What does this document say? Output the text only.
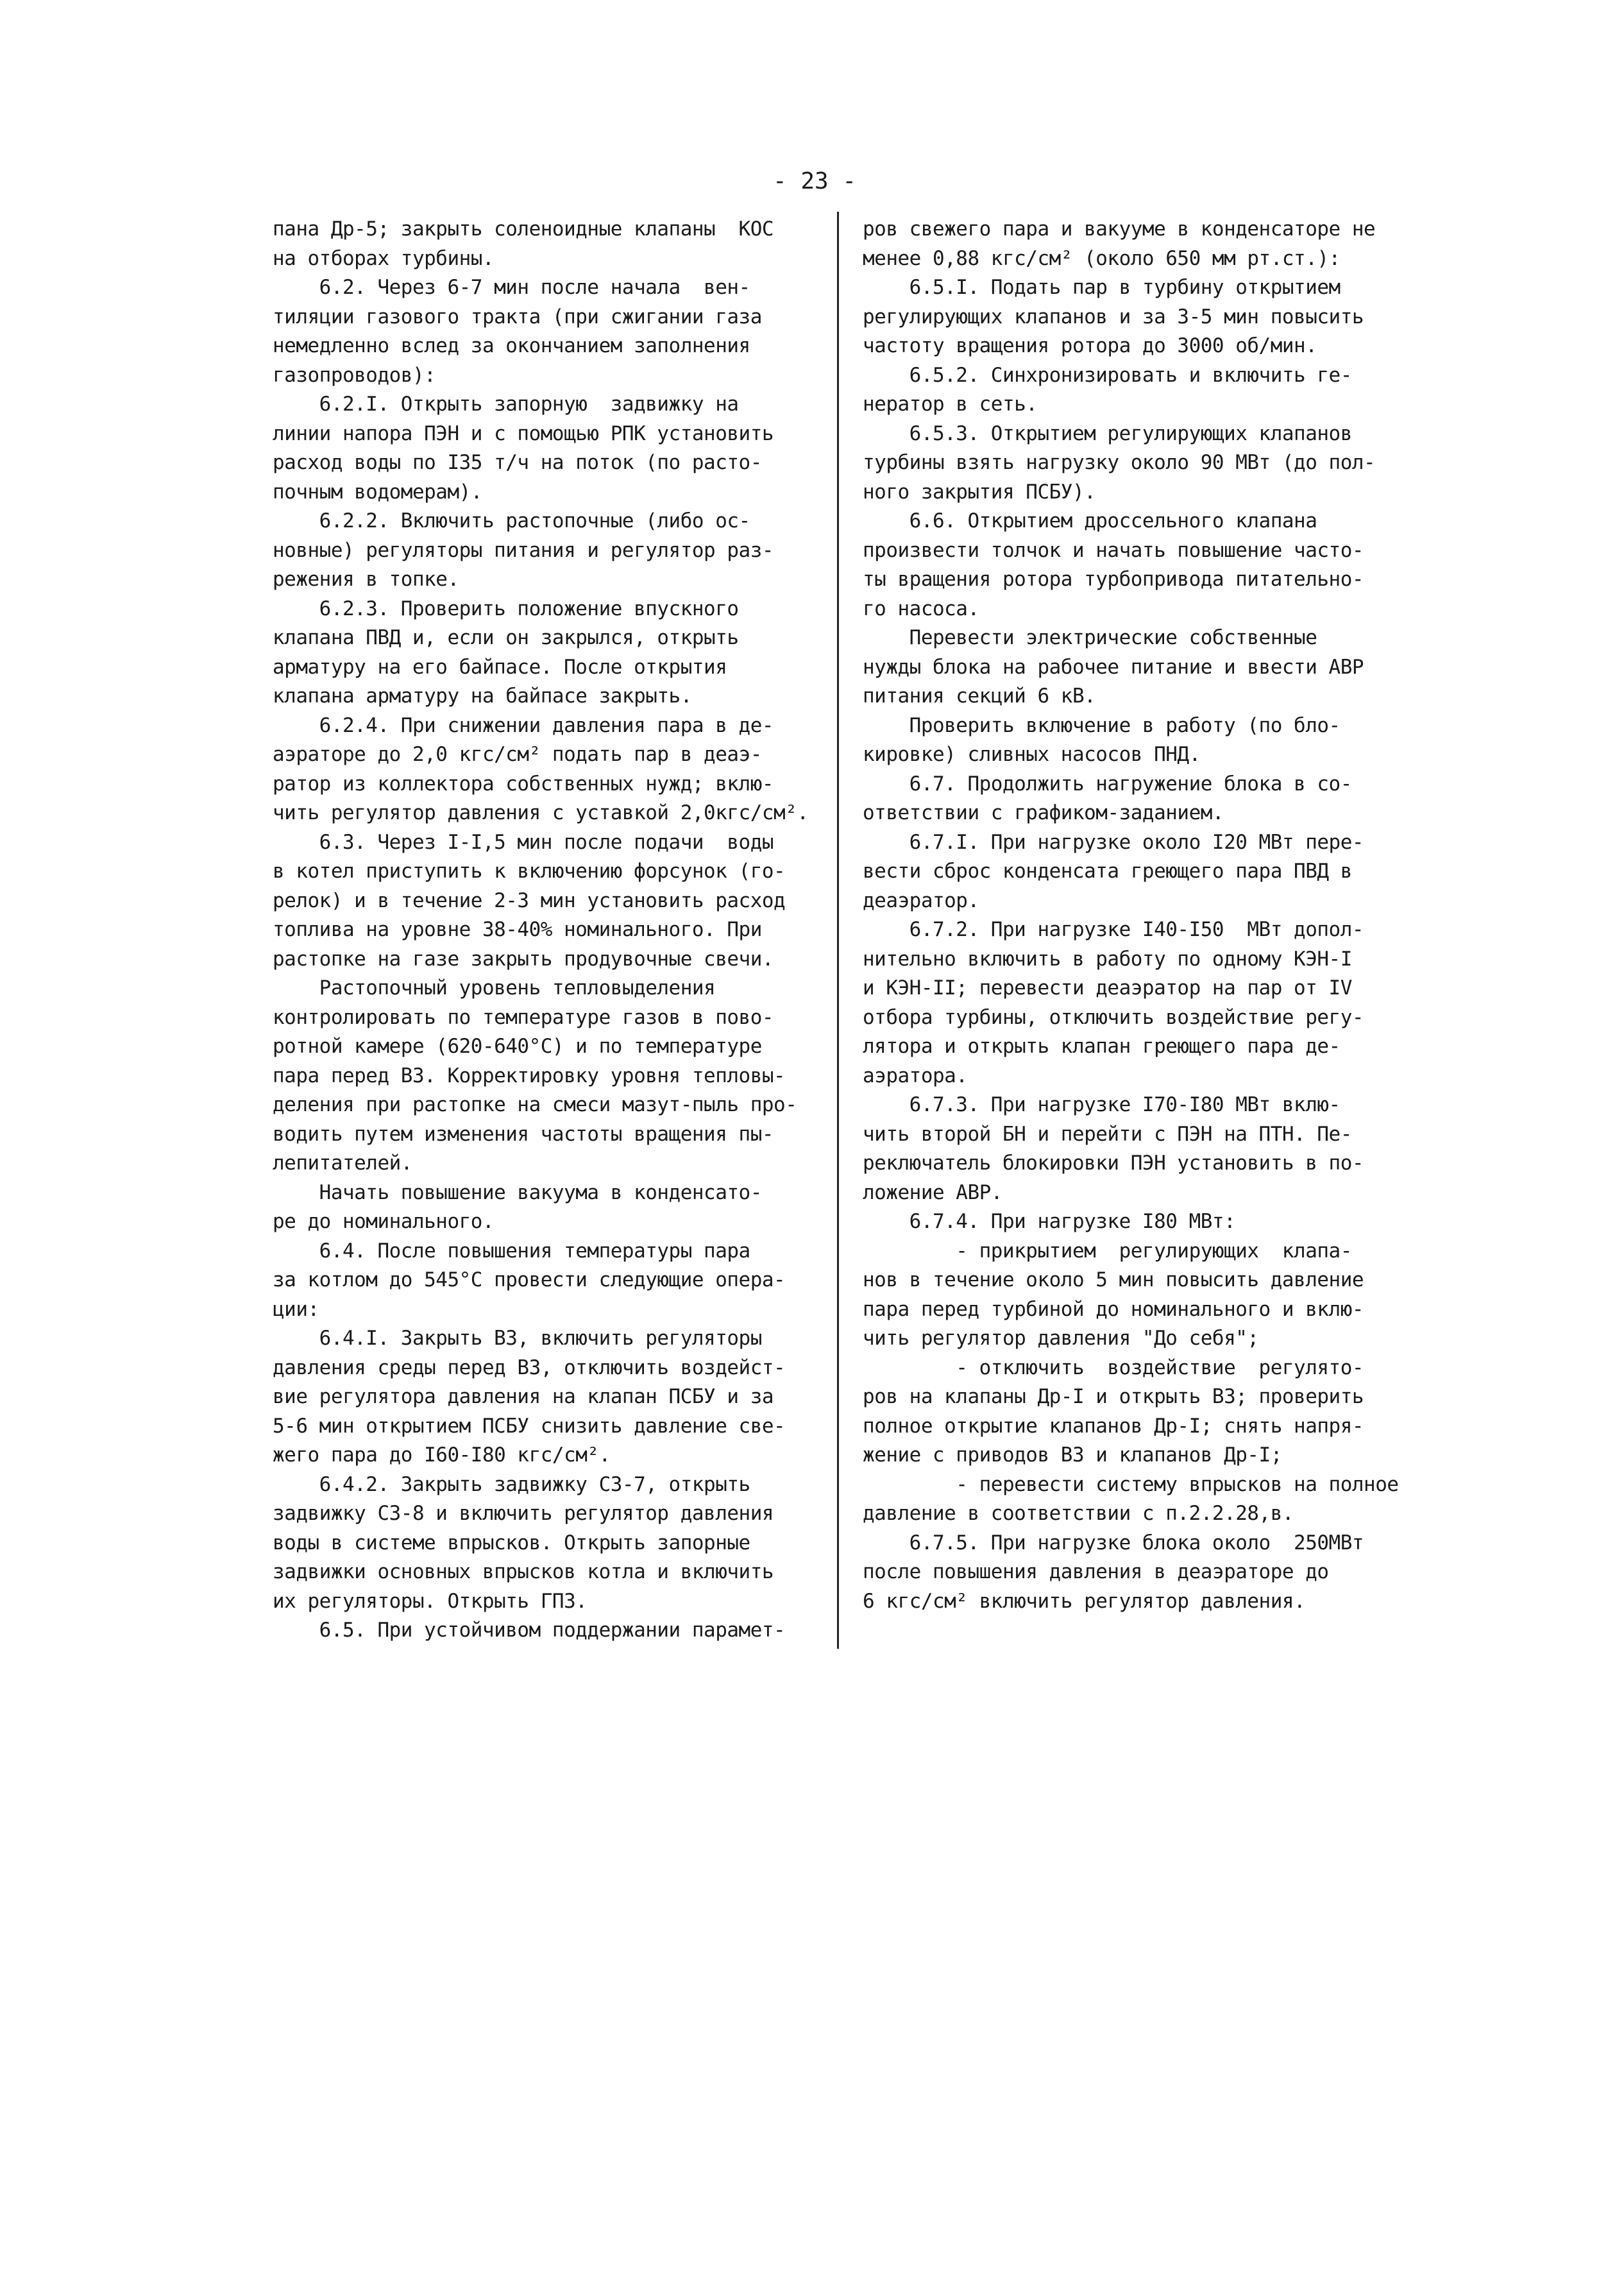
- 23 -
пана Др-5; закрыть соленоидные клапаны  КОС
на отборах турбины.
6.2. Через 6-7 мин после начала  вен-
тиляции газового тракта (при сжигании газа
немедленно вслед за окончанием заполнения
газопроводов):
6.2.I. Открыть запорную  задвижку на
линии напора ПЭН и с помощью РПК установить
расход воды по I35 т/ч на поток (по расто-
почным водомерам).
6.2.2. Включить растопочные (либо ос-
новные) регуляторы питания и регулятор раз-
режения в топке.
6.2.3. Проверить положение впускного
клапана ПВД и, если он закрылся, открыть
арматуру на его байпасе. После открытия
клапана арматуру на байпасе закрыть.
6.2.4. При снижении давления пара в де-
аэраторе до 2,0 кгс/см² подать пар в деаэ-
ратор из коллектора собственных нужд; вклю-
чить регулятор давления с уставкой 2,0кгс/см².
6.3. Через I-I,5 мин после подачи  воды
в котел приступить к включению форсунок (го-
релок) и в течение 2-3 мин установить расход
топлива на уровне 38-40% номинального. При
растопке на газе закрыть продувочные свечи.
Растопочный уровень тепловыделения
контролировать по температуре газов в пово-
ротной камере (620-640°С) и по температуре
пара перед ВЗ. Корректировку уровня тепловы-
деления при растопке на смеси мазут-пыль про-
водить путем изменения частоты вращения пы-
лепитателей.
Начать повышение вакуума в конденсато-
ре до номинального.
6.4. После повышения температуры пара
за котлом до 545°С провести следующие опера-
ции:
6.4.I. Закрыть ВЗ, включить регуляторы
давления среды перед ВЗ, отключить воздейст-
вие регулятора давления на клапан ПСБУ и за
5-6 мин открытием ПСБУ снизить давление све-
жего пара до I60-I80 кгс/см².
6.4.2. Закрыть задвижку СЗ-7, открыть
задвижку СЗ-8 и включить регулятор давления
воды в системе впрысков. Открыть запорные
задвижки основных впрысков котла и включить
их регуляторы. Открыть ГПЗ.
6.5. При устойчивом поддержании парамет-
ров свежего пара и вакууме в конденсаторе не
менее 0,88 кгс/см² (около 650 мм рт.ст.):
6.5.I. Подать пар в турбину открытием
регулирующих клапанов и за 3-5 мин повысить
частоту вращения ротора до 3000 об/мин.
6.5.2. Синхронизировать и включить ге-
нератор в сеть.
6.5.3. Открытием регулирующих клапанов
турбины взять нагрузку около 90 МВт (до пол-
ного закрытия ПСБУ).
6.6. Открытием дроссельного клапана
произвести толчок и начать повышение часто-
ты вращения ротора турбопривода питательно-
го насоса.
Перевести электрические собственные
нужды блока на рабочее питание и ввести АВР
питания секций 6 кВ.
Проверить включение в работу (по бло-
кировке) сливных насосов ПНД.
6.7. Продолжить нагружение блока в со-
ответствии с графиком-заданием.
6.7.I. При нагрузке около I20 МВт пере-
вести сброс конденсата греющего пара ПВД в
деаэратор.
6.7.2. При нагрузке I40-I50  МВт допол-
нительно включить в работу по одному КЭН-I
и КЭН-II; перевести деаэратор на пар от IV
отбора турбины, отключить воздействие регу-
лятора и открыть клапан греющего пара де-
аэратора.
6.7.3. При нагрузке I70-I80 МВт вклю-
чить второй БН и перейти с ПЭН на ПТН. Пе-
реключатель блокировки ПЭН установить в по-
ложение АВР.
6.7.4. При нагрузке I80 МВт:
- прикрытием  регулирующих  клапа-
нов в течение около 5 мин повысить давление
пара перед турбиной до номинального и вклю-
чить регулятор давления "До себя";
- отключить  воздействие  регулято-
ров на клапаны Др-I и открыть ВЗ; проверить
полное открытие клапанов Др-I; снять напря-
жение с приводов ВЗ и клапанов Др-I;
- перевести систему впрысков на полное
давление в соответствии с п.2.2.28,в.
6.7.5. При нагрузке блока около  250МВт
после повышения давления в деаэраторе до
6 кгс/см² включить регулятор давления.
